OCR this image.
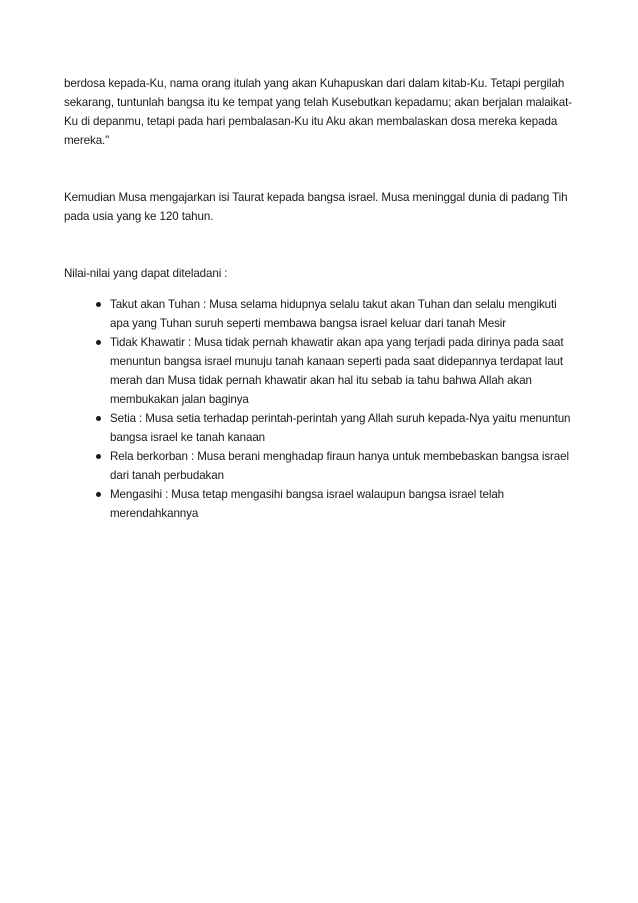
berdosa kepada-Ku, nama orang itulah yang akan Kuhapuskan dari dalam kitab-Ku. Tetapi pergilah sekarang, tuntunlah bangsa itu ke tempat yang telah Kusebutkan kepadamu; akan berjalan malaikat-Ku di depanmu, tetapi pada hari pembalasan-Ku itu Aku akan membalaskan dosa mereka kepada mereka."

Kemudian Musa mengajarkan isi Taurat kepada bangsa israel. Musa meninggal dunia di padang Tih pada usia yang ke 120 tahun.

Nilai-nilai yang dapat diteladani :

Takut akan Tuhan : Musa selama hidupnya selalu takut akan Tuhan dan selalu mengikuti apa yang Tuhan suruh seperti membawa bangsa israel keluar dari tanah Mesir
Tidak Khawatir : Musa tidak pernah khawatir akan apa yang terjadi pada dirinya pada saat menuntun bangsa israel munuju tanah kanaan seperti pada saat didepannya terdapat laut merah dan Musa tidak pernah khawatir akan hal itu sebab ia tahu bahwa Allah akan membukakan jalan baginya
Setia : Musa setia terhadap perintah-perintah yang Allah suruh kepada-Nya yaitu menuntun bangsa israel ke tanah kanaan
Rela berkorban : Musa berani menghadap firaun hanya untuk membebaskan bangsa israel dari tanah perbudakan
Mengasihi : Musa tetap mengasihi bangsa israel walaupun bangsa israel telah merendahkannya
